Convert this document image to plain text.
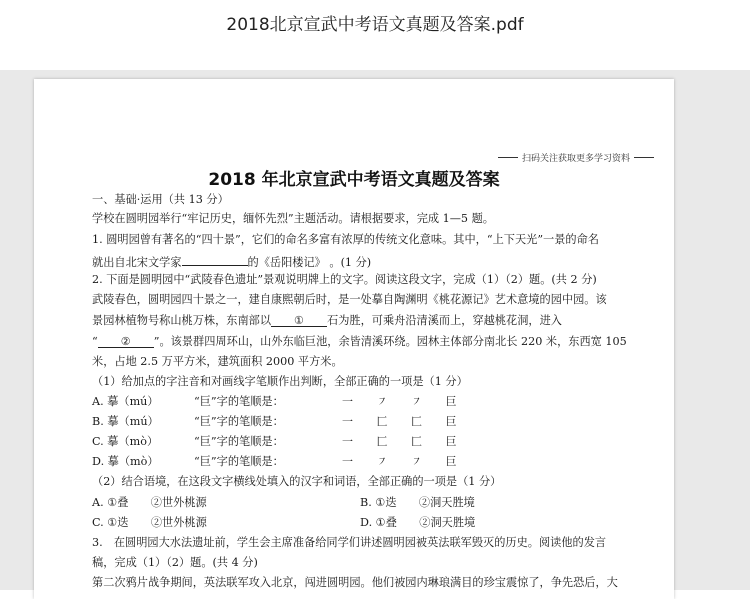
2018北京宣武中考语文真题及答案.pdf
扫码关注获取更多学习资料
2018 年北京宣武中考语文真题及答案
一、基础·运用（共 13 分）
学校在圆明园举行“牢记历史，缅怀先烈”主题活动。请根据要求，完成 1—5 题。
1. 圆明园曾有著名的“四十景”，它们的命名多富有浓厚的传统文化意味。其中，“上下天光”一景的命名
就出自北宋文学家	的《岳阳楼记》 。(1 分)
2. 下面是圆明园中“武陵春色遗址”景观说明牌上的文字。阅读这段文字，完成（1）（2）题。(共 2 分)
武陵春色，圆明园四十景之一，建自康熙朝后时，是一处摹自陶渊明《桃花源记》艺术意境的园中园。该
景园林植物号称山桃万株，东南部以 ① 石为胜，可乘舟沿清溪而上，穿越桃花洞，进入
“ ② ”。该景群四周环山，山外东临巨池，余皆清溪环绕。园林主体部分南北长 220 米，东西宽 105
米，占地 2.5 万平方米，建筑面积 2000 平方米。
（1）给加点的字注音和对画线字笔顺作出判断，全部正确的一项是（1 分）
A. 摹（mú）	“巨”字的笔顺是：	一 ㇇ ㇇ 巨
B. 摹（mú）	“巨”字的笔顺是：	一 匚 匚 巨
C. 摹（mò）	“巨”字的笔顺是：	一 匚 匚 巨
D. 摹（mò）	“巨”字的笔顺是：	一 ㇇ ㇇ 巨
（2）结合语境，在这段文字横线处填入的汉字和词语，全部正确的一项是（1 分）
A. ①叠　　②世外桃源	B. ①迭　　②洞天胜境
C. ①迭　　②世外桃源	D. ①叠　　②洞天胜境
3.　在圆明园大水法遗址前，学生会主席准备给同学们讲述圆明园被英法联军毁灭的历史。阅读他的发言
稿，完成（1）（2）题。(共 4 分)
第二次鸦片战争期间，英法联军攻入北京，闯进圆明园。他们被园内琳琅满目的珍宝震惊了，争先恐后，大
